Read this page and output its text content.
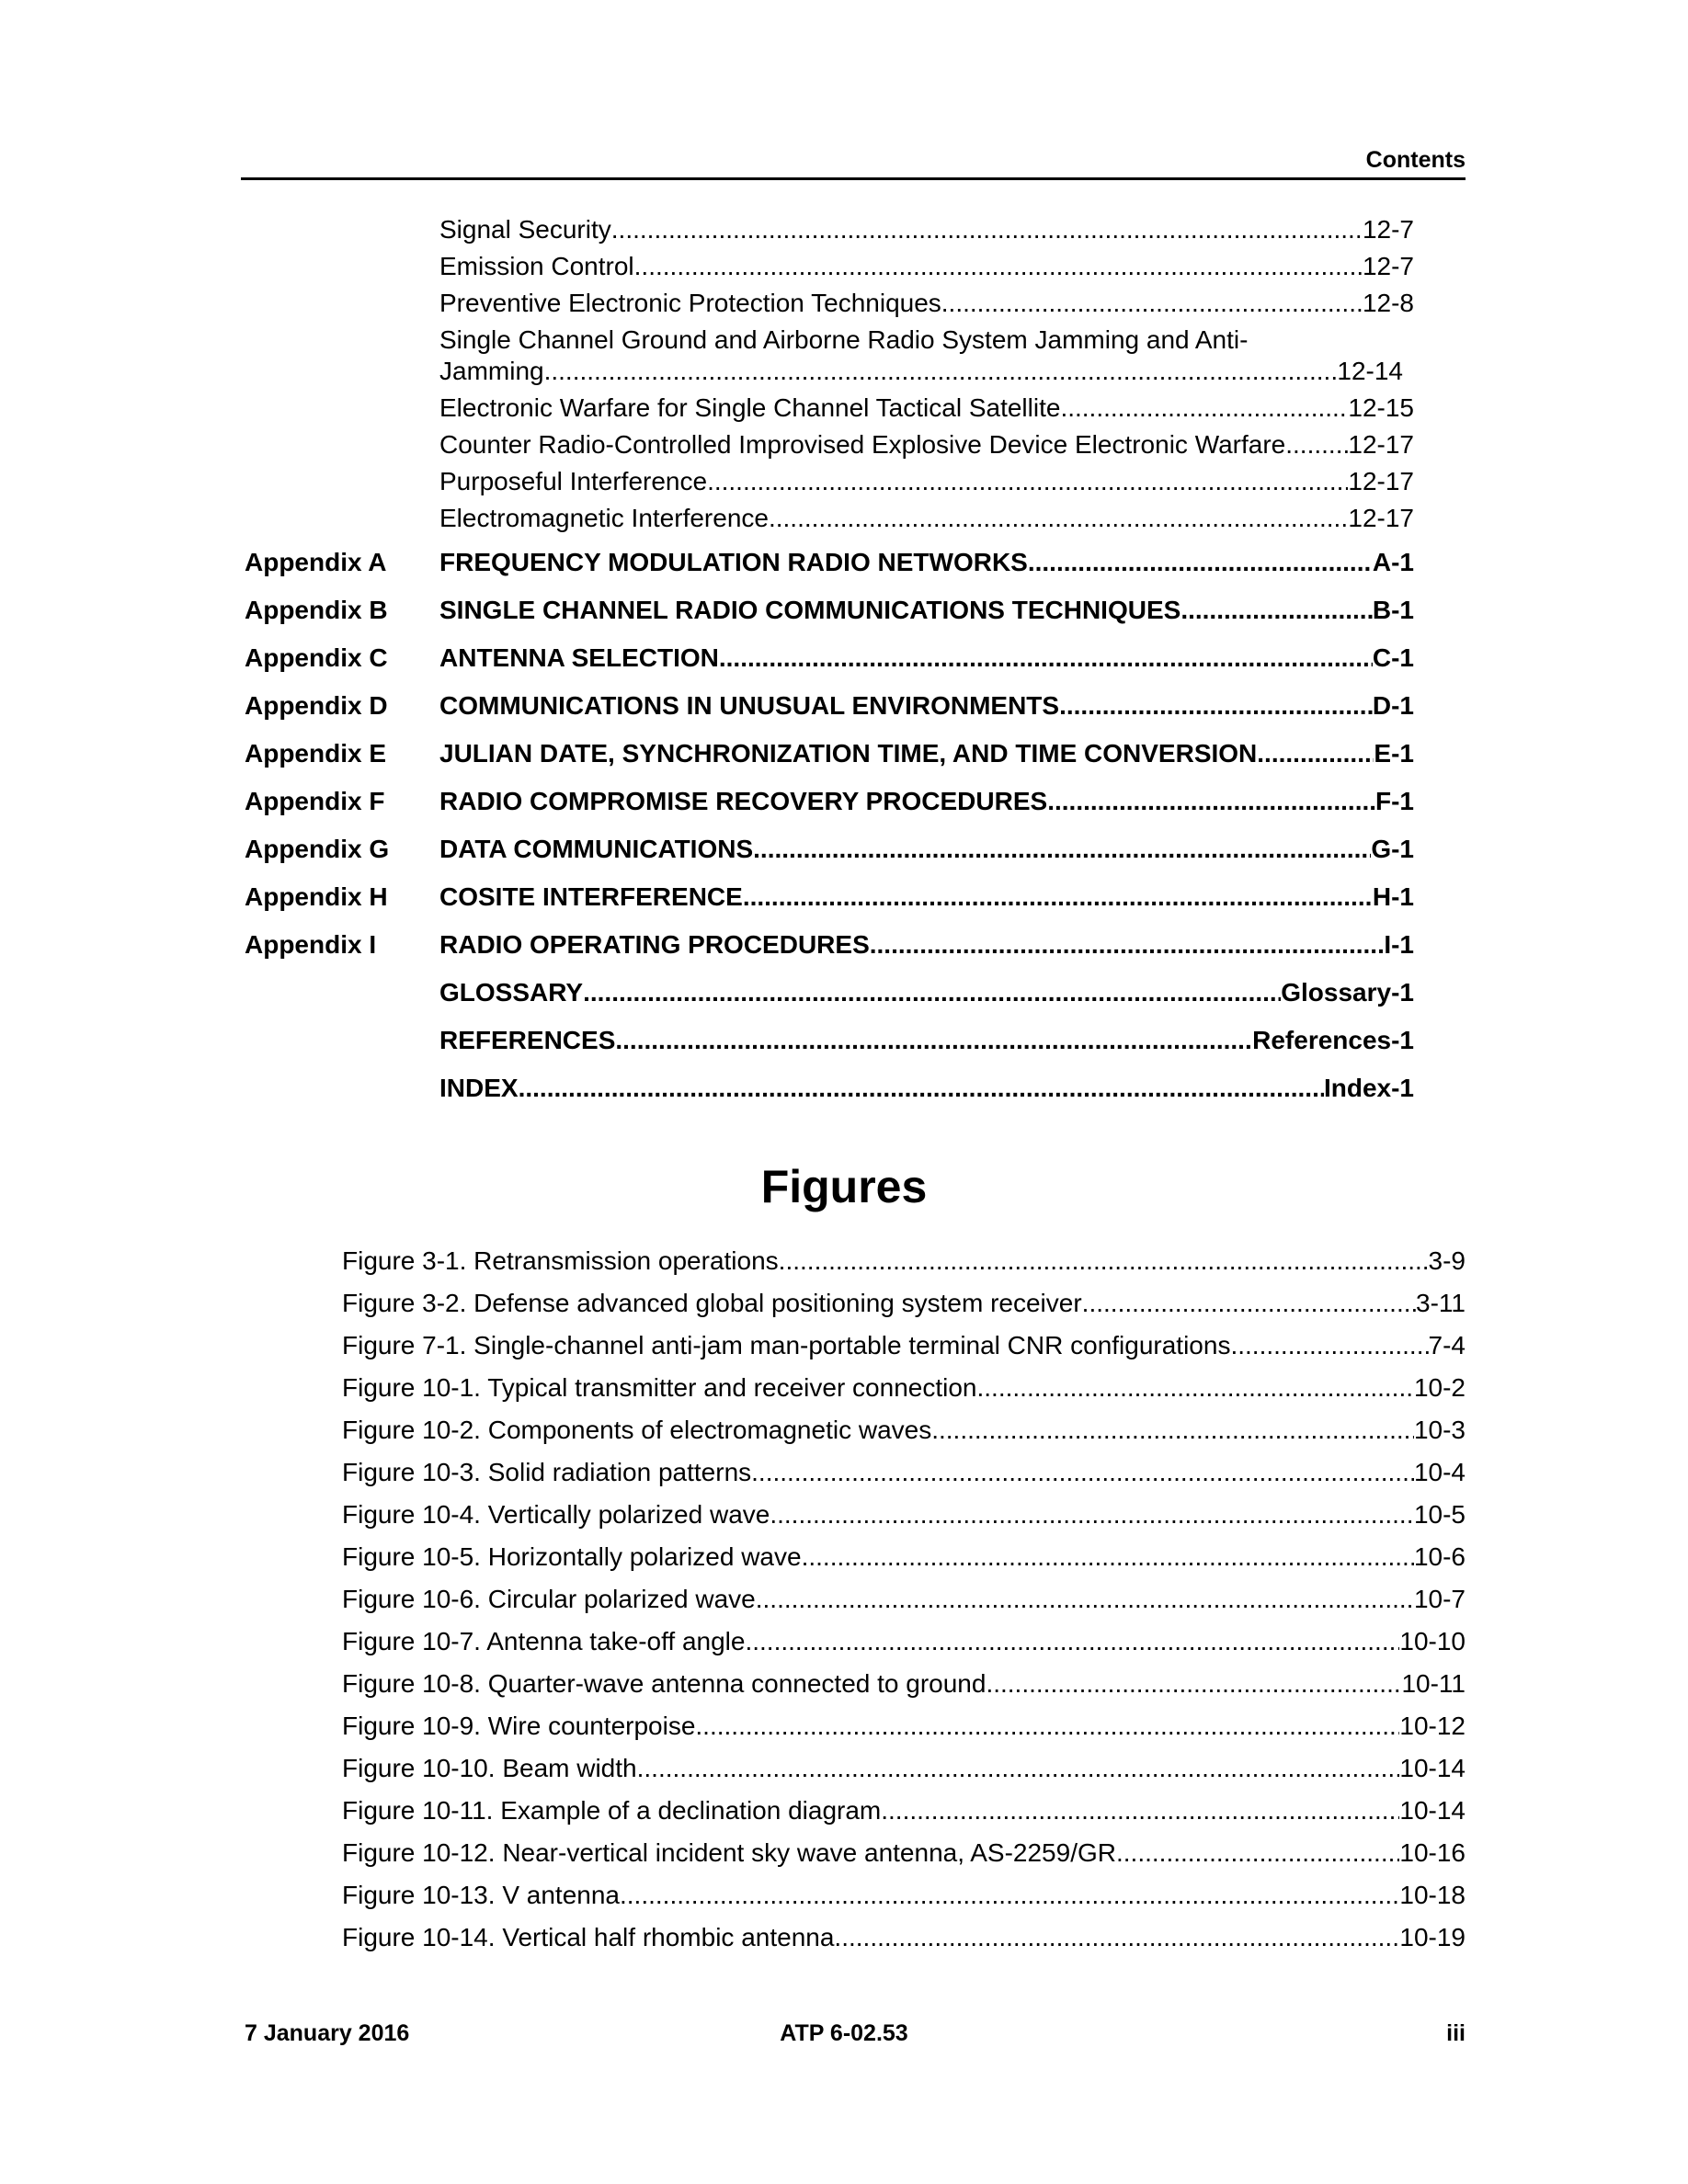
Contents
Signal Security .....	12-7
Emission Control .....	12-7
Preventive Electronic Protection Techniques .....	12-8
Single Channel Ground and Airborne Radio System Jamming and Anti-
Jamming .....	12-14
Electronic Warfare for Single Channel Tactical Satellite .....	12-15
Counter Radio-Controlled Improvised Explosive Device Electronic Warfare. ..... 12-17
Purposeful Interference .....	12-17
Electromagnetic Interference .....	12-17
Appendix A FREQUENCY MODULATION RADIO NETWORKS .....	A-1
Appendix B SINGLE CHANNEL RADIO COMMUNICATIONS TECHNIQUES .....	B-1
Appendix C ANTENNA SELECTION .....	C-1
Appendix D COMMUNICATIONS IN UNUSUAL ENVIRONMENTS .....	D-1
Appendix E JULIAN DATE, SYNCHRONIZATION TIME, AND TIME CONVERSION .....	E-1
Appendix F RADIO COMPROMISE RECOVERY PROCEDURES .....	F-1
Appendix G DATA COMMUNICATIONS .....	G-1
Appendix H COSITE INTERFERENCE .....	H-1
Appendix I RADIO OPERATING PROCEDURES .....	I-1
GLOSSARY .....	Glossary-1
REFERENCES .....	References-1
INDEX .....	Index-1
Figures
Figure 3-1. Retransmission operations .....	3-9
Figure 3-2. Defense advanced global positioning system receiver .....	3-11
Figure 7-1. Single-channel anti-jam man-portable terminal CNR configurations .....	7-4
Figure 10-1. Typical transmitter and receiver connection .....	10-2
Figure 10-2. Components of electromagnetic waves .....	10-3
Figure 10-3. Solid radiation patterns .....	10-4
Figure 10-4. Vertically polarized wave .....	10-5
Figure 10-5. Horizontally polarized wave .....	10-6
Figure 10-6. Circular polarized wave .....	10-7
Figure 10-7. Antenna take-off angle .....	10-10
Figure 10-8. Quarter-wave antenna connected to ground .....	10-11
Figure 10-9. Wire counterpoise .....	10-12
Figure 10-10. Beam width .....	10-14
Figure 10-11. Example of a declination diagram .....	10-14
Figure 10-12. Near-vertical incident sky wave antenna, AS-2259/GR .....	10-16
Figure 10-13. V antenna .....	10-18
Figure 10-14. Vertical half rhombic antenna .....	10-19
7 January 2016	ATP 6-02.53	iii
